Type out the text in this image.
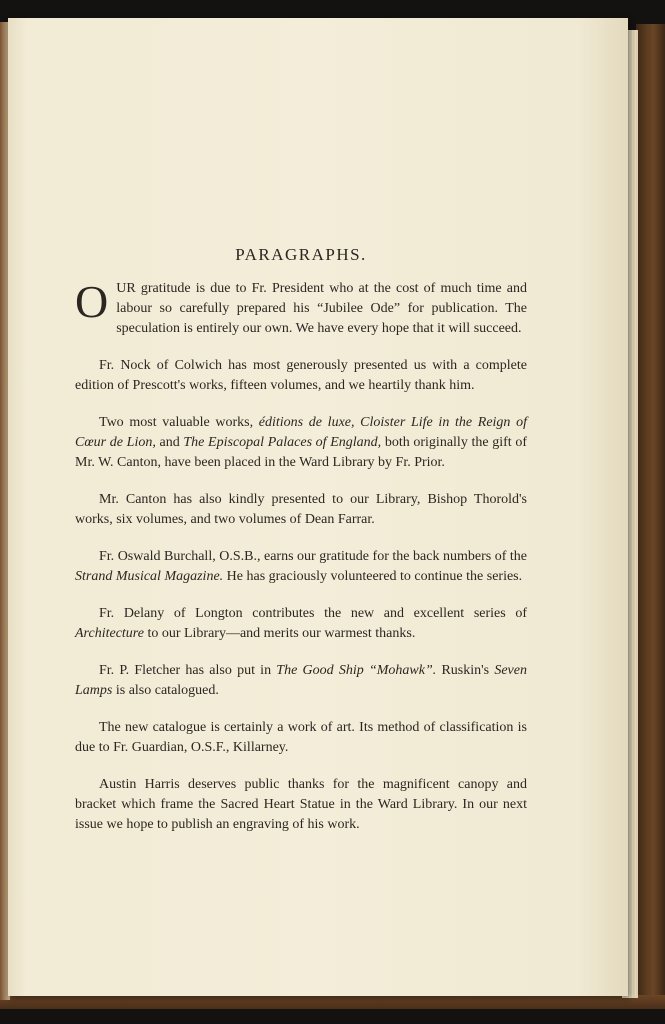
PARAGRAPHS.

OUR gratitude is due to Fr. President who at the cost of much time and labour so carefully prepared his “Jubilee Ode” for publication. The speculation is entirely our own. We have every hope that it will succeed.

Fr. Nock of Colwich has most generously presented us with a complete edition of Prescott's works, fifteen volumes, and we heartily thank him.

Two most valuable works, éditions de luxe, Cloister Life in the Reign of Cœur de Lion, and The Episcopal Palaces of England, both originally the gift of Mr. W. Canton, have been placed in the Ward Library by Fr. Prior.

Mr. Canton has also kindly presented to our Library, Bishop Thorold's works, six volumes, and two volumes of Dean Farrar.

Fr. Oswald Burchall, O.S.B., earns our gratitude for the back numbers of the Strand Musical Magazine. He has graciously volunteered to continue the series.

Fr. Delany of Longton contributes the new and excellent series of Architecture to our Library—and merits our warmest thanks.

Fr. P. Fletcher has also put in The Good Ship “Mohawk”. Ruskin's Seven Lamps is also catalogued.

The new catalogue is certainly a work of art. Its method of classification is due to Fr. Guardian, O.S.F., Killarney.

Austin Harris deserves public thanks for the magnificent canopy and bracket which frame the Sacred Heart Statue in the Ward Library. In our next issue we hope to publish an engraving of his work.
